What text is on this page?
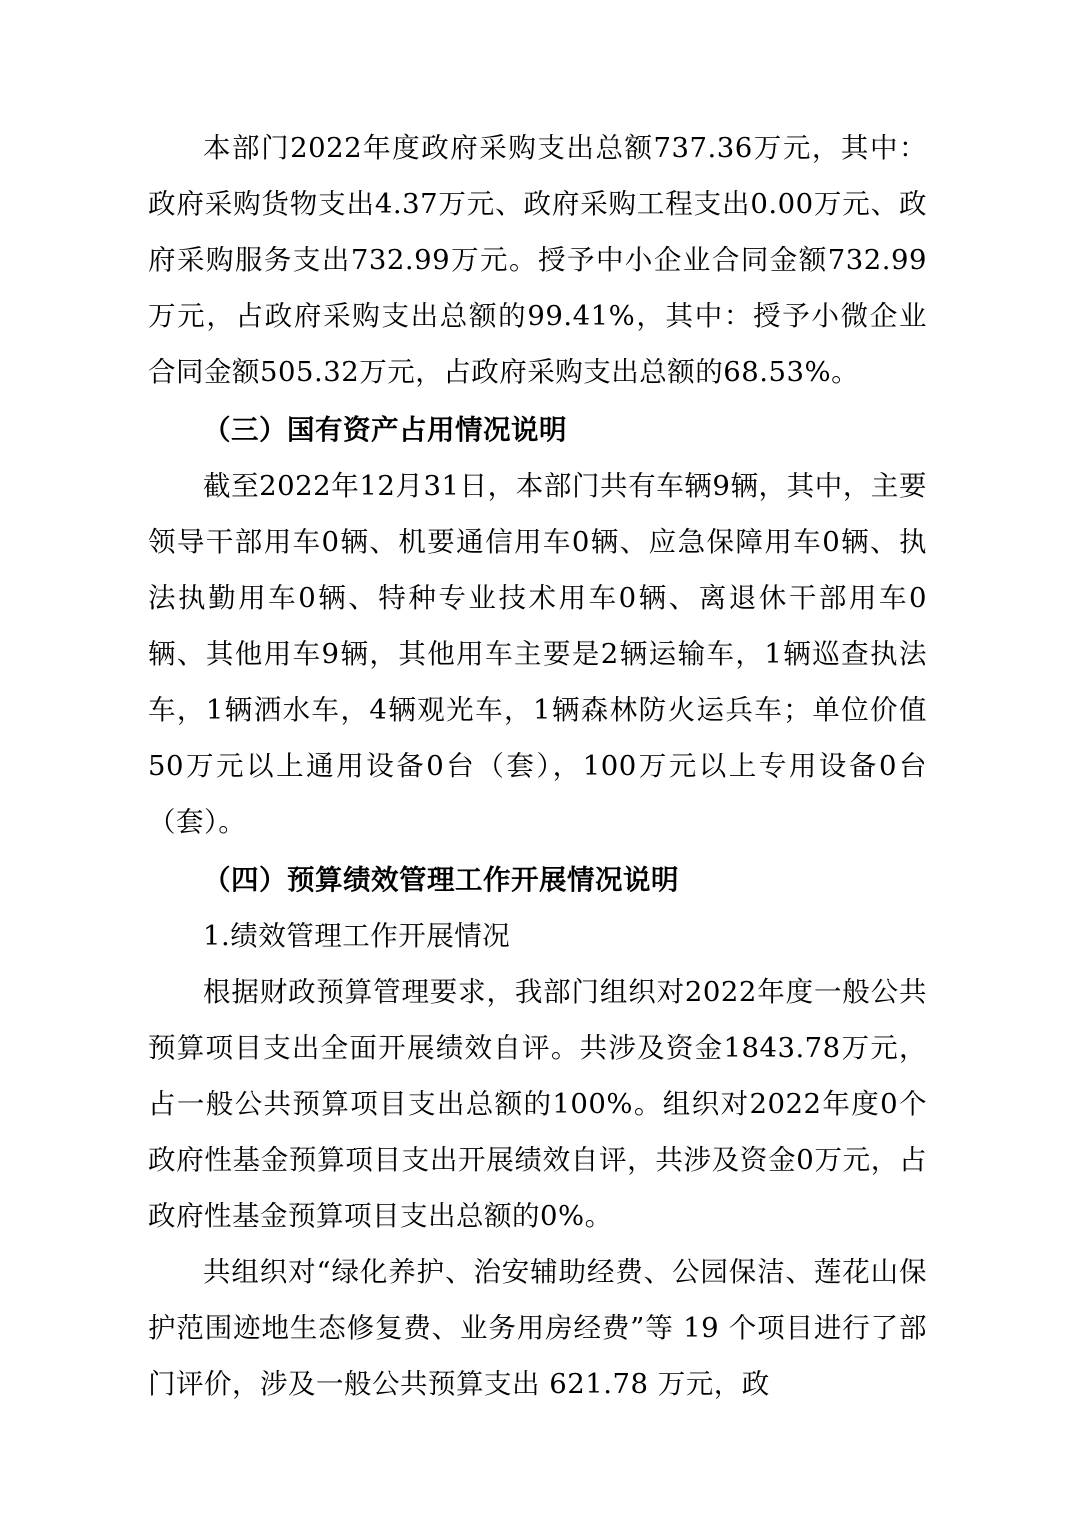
本部门2022年度政府采购支出总额737.36万元，其中：政府采购货物支出4.37万元、政府采购工程支出0.00万元、政府采购服务支出732.99万元。授予中小企业合同金额732.99万元，占政府采购支出总额的99.41%，其中：授予小微企业合同金额505.32万元，占政府采购支出总额的68.53%。

（三）国有资产占用情况说明

截至2022年12月31日，本部门共有车辆9辆，其中，主要领导干部用车0辆、机要通信用车0辆、应急保障用车0辆、执法执勤用车0辆、特种专业技术用车0辆、离退休干部用车0辆、其他用车9辆，其他用车主要是2辆运输车，1辆巡查执法车，1辆洒水车，4辆观光车，1辆森林防火运兵车；单位价值50万元以上通用设备0台（套），100万元以上专用设备0台（套）。

（四）预算绩效管理工作开展情况说明

1.绩效管理工作开展情况

根据财政预算管理要求，我部门组织对2022年度一般公共预算项目支出全面开展绩效自评。共涉及资金1843.78万元，占一般公共预算项目支出总额的100%。组织对2022年度0个政府性基金预算项目支出开展绩效自评，共涉及资金0万元，占政府性基金预算项目支出总额的0%。

共组织对“绿化养护、治安辅助经费、公园保洁、莲花山保护范围迹地生态修复费、业务用房经费”等 19 个项目进行了部门评价，涉及一般公共预算支出 621.78 万元，政
